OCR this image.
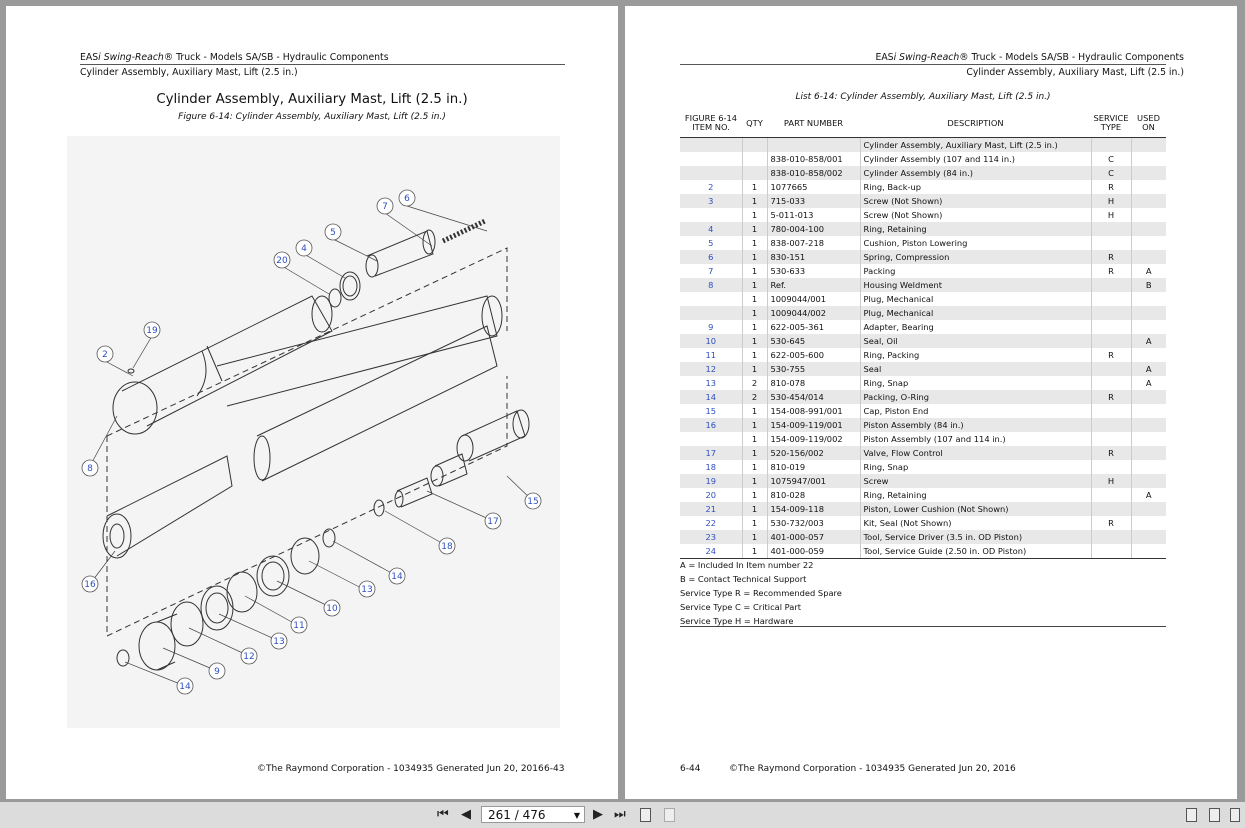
EASi Swing-Reach® Truck - Models SA/SB - Hydraulic Components
Cylinder Assembly, Auxiliary Mast, Lift (2.5 in.)
Cylinder Assembly, Auxiliary Mast, Lift (2.5 in.)
Figure 6-14: Cylinder Assembly, Auxiliary Mast, Lift (2.5 in.)
6
7
5
4
20
19
2
8
15
17
18
14
13
10
16
11
13
12
9
14
©The Raymond Corporation - 1034935 Generated Jun 20, 2016 6-43
EASi Swing-Reach® Truck - Models SA/SB - Hydraulic Components
Cylinder Assembly, Auxiliary Mast, Lift (2.5 in.)
List 6-14: Cylinder Assembly, Auxiliary Mast, Lift (2.5 in.)
FIGURE 6-14
ITEM NO.	QTY	PART NUMBER	DESCRIPTION	SERVICE
TYPE	USED
ON
			Cylinder Assembly, Auxiliary Mast, Lift (2.5 in.)		
		838-010-858/001	Cylinder Assembly (107 and 114 in.)	C	
		838-010-858/002	Cylinder Assembly (84 in.)	C	
2	1	1077665	Ring, Back-up	R	
3	1	715-033	Screw (Not Shown)	H	
	1	5-011-013	Screw (Not Shown)	H	
4	1	780-004-100	Ring, Retaining		
5	1	838-007-218	Cushion, Piston Lowering		
6	1	830-151	Spring, Compression	R	
7	1	530-633	Packing	R	A
8	1	Ref.	Housing Weldment		B
	1	1009044/001	Plug, Mechanical		
	1	1009044/002	Plug, Mechanical		
9	1	622-005-361	Adapter, Bearing		
10	1	530-645	Seal, Oil		A
11	1	622-005-600	Ring, Packing	R	
12	1	530-755	Seal		A
13	2	810-078	Ring, Snap		A
14	2	530-454/014	Packing, O-Ring	R	
15	1	154-008-991/001	Cap, Piston End		
16	1	154-009-119/001	Piston Assembly (84 in.)		
	1	154-009-119/002	Piston Assembly (107 and 114 in.)		
17	1	520-156/002	Valve, Flow Control	R	
18	1	810-019	Ring, Snap		
19	1	1075947/001	Screw	H	
20	1	810-028	Ring, Retaining		A
21	1	154-009-118	Piston, Lower Cushion (Not Shown)		
22	1	530-732/003	Kit, Seal (Not Shown)	R	
23	1	401-000-057	Tool, Service Driver (3.5 in. OD Piston)		
24	1	401-000-059	Tool, Service Guide (2.50 in. OD Piston)		
A = Included In Item number 22
B = Contact Technical Support
Service Type R = Recommended Spare
Service Type C = Critical Part
Service Type H = Hardware
6-44	©The Raymond Corporation - 1034935 Generated Jun 20, 2016
⏮ ◀	261 / 476	▼ ▶ ⏭
